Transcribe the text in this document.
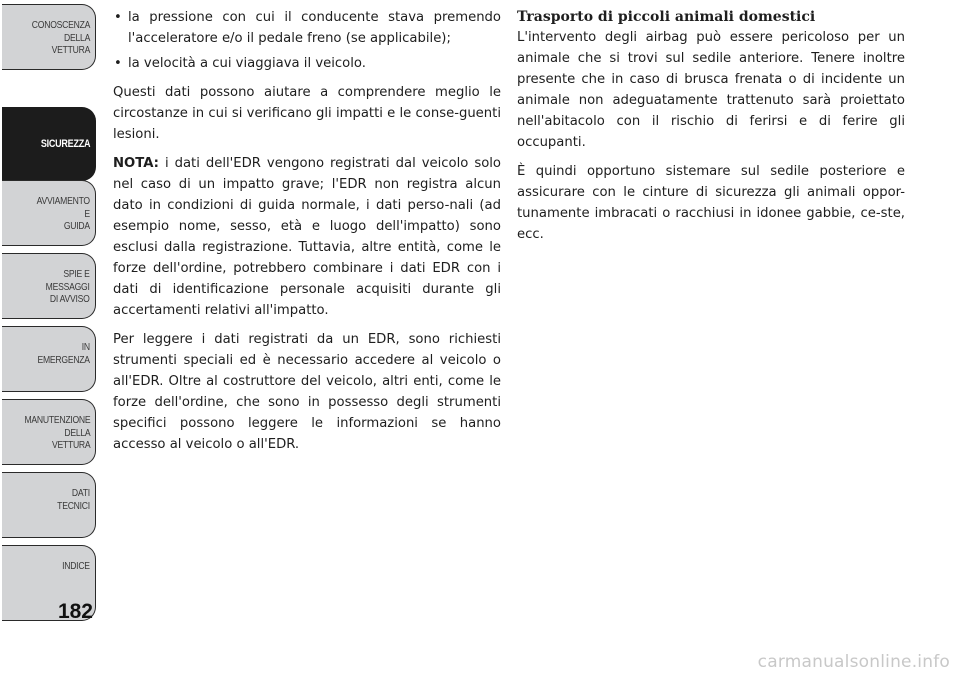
CONOSCENZA
DELLA
VETTURA
SICUREZZA
AVVIAMENTO
E
GUIDA
SPIE E
MESSAGGI
DI AVVISO
IN
EMERGENZA
MANUTENZIONE
DELLA
VETTURA
DATI
TECNICI
INDICE
182
• la pressione con cui il conducente stava premendo l'acceleratore e/o il pedale freno (se applicabile);
• la velocità a cui viaggiava il veicolo.

Questi dati possono aiutare a comprendere meglio le circostanze in cui si verificano gli impatti e le conse-guenti lesioni.

NOTA: i dati dell'EDR vengono registrati dal veicolo solo nel caso di un impatto grave; l'EDR non registra alcun dato in condizioni di guida normale, i dati perso-nali (ad esempio nome, sesso, età e luogo dell'impatto) sono esclusi dalla registrazione. Tuttavia, altre entità, come le forze dell'ordine, potrebbero combinare i dati EDR con i dati di identificazione personale acquisiti durante gli accertamenti relativi all'impatto.

Per leggere i dati registrati da un EDR, sono richiesti strumenti speciali ed è necessario accedere al veicolo o all'EDR. Oltre al costruttore del veicolo, altri enti, come le forze dell'ordine, che sono in possesso degli strumenti specifici possono leggere le informazioni se hanno accesso al veicolo o all'EDR.

Trasporto di piccoli animali domestici

L'intervento degli airbag può essere pericoloso per un animale che si trovi sul sedile anteriore. Tenere inoltre presente che in caso di brusca frenata o di incidente un animale non adeguatamente trattenuto sarà proiettato nell'abitacolo con il rischio di ferirsi e di ferire gli occupanti.

È quindi opportuno sistemare sul sedile posteriore e assicurare con le cinture di sicurezza gli animali oppor-tunamente imbracati o racchiusi in idonee gabbie, ce-ste, ecc.

carmanualsonline.info
